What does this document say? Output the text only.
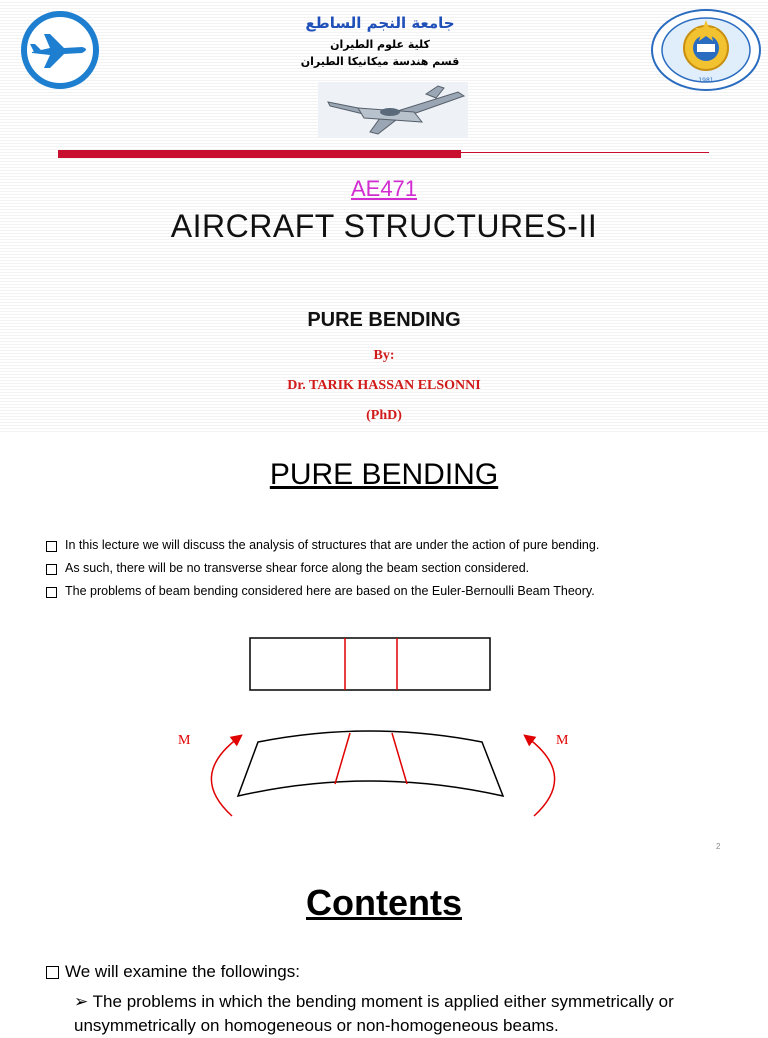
جامعة النجم الساطع
كلية علوم الطيران
قسم هندسة ميكانيكا الطيران
1981
AE471
AIRCRAFT STRUCTURES-II
PURE BENDING
By:
Dr. TARIK HASSAN ELSONNI
(PhD)
PURE BENDING
In this lecture we will discuss the analysis of structures that are under the action of pure bending.
As such, there will be no transverse shear force along the beam section considered.
The problems of beam bending considered here are based on the Euler-Bernoulli Beam Theory.
M	M
2
Contents
We will examine the followings:
➢ The problems in which the bending moment is applied either symmetrically or unsymmetrically on homogeneous or non-homogeneous beams.
